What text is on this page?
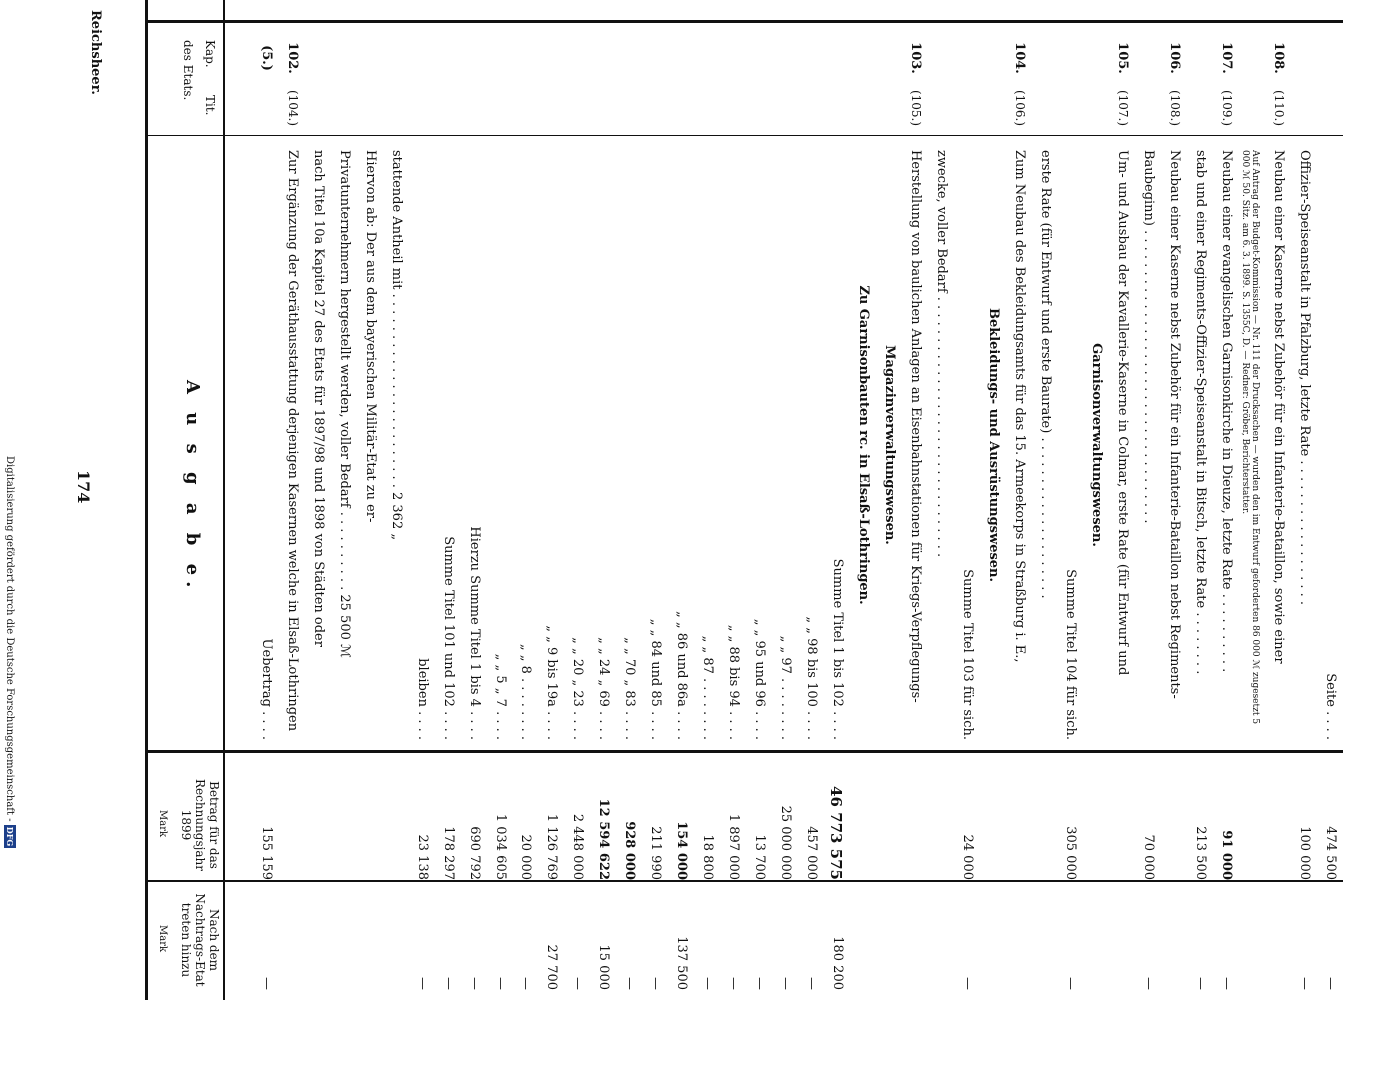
Digitalisierung gefördert durch die Deutsche Forschungsgemeinschaft - DFG
Reichsheer.
174
(5.)
Uebertrag . . . .
155 159
—
102.
(104.)
Zur Ergänzung der Geräthausstattung derjenigen Kasernen welche in Elsaß-Lothringen nach Titel 10a Kapitel 27 des Etats für 1897/98 und 1898 von Städten oder Privatunternehmern hergestellt werden, voller Bedarf . . . . . . . . . . 25 500 ℳ Hiervon ab: Der aus dem bayerischen Militär-Etat zu er- stattende Antheil mit . . . . . . . . . . . . . . . . . . . . . . . . 2 362 „
bleiben . . . .
23 138
—
Summe Titel 101 und 102 . . . .
178 297
—
Hierzu Summe Titel 1 bis 4 . . . .
690 792
—
„ „ 5 „ 7 . . . .
1 034 605
—
„ „ 8 . . . . . . . .
20 000
—
„ „ 9 bis 19a . . . .
1 126 769
27 700
„ „ 20 „ 23 . . . .
2 448 000
—
„ „ 24 „ 69 . . . .
12 594 622
15 000
„ „ 70 „ 83 . . . .
928 000
—
„ „ 84 und 85 . . . .
211 990
—
„ „ 86 und 86a . . . .
154 000
137 500
„ „ 87 . . . . . . . .
18 800
—
„ „ 88 bis 94 . . . .
1 897 000
—
„ „ 95 und 96 . . . .
13 700
—
„ „ 97 . . . . . . . .
25 000 000
—
„ „ 98 bis 100 . . . .
457 000
—
Summe Titel 1 bis 102 . . . .
46 773 575
180 200
Zu Garnisonbauten rc. in Elsaß-Lothringen. Magazinverwaltungswesen.
103.
(105.)
Herstellung von baulichen Anlagen an Eisenbahnstationen für Kriegs-Verpflegungs- zwecke, voller Bedarf . . . . . . . . . . . . . . . . . . . . . . . . . . . . . . . .
Summe Titel 103 für sich.
24 000
—
Bekleidungs- und Ausrüstungswesen.
104.
(106.)
Zum Neubau des Bekleidungsamts für das 15. Armeekorps in Straßburg i. E., erste Rate (für Entwurf und erste Baurate) . . . . . . . . . . . . . . . . . . . .
Summe Titel 104 für sich.
305 000
—
Garnisonverwaltungswesen.
105.
(107.)
Um- und Ausbau der Kavallerie-Kaserne in Colmar, erste Rate (für Entwurf und Baubeginn) . . . . . . . . . . . . . . . . . . . . . . . . . . . . . . . . . . . .
70 000
—
106.
(108.)
Neubau einer Kaserne nebst Zubehör für ein Infanterie-Bataillon nebst Regiments- stab und einer Regiments-Offizier-Speiseanstalt in Bitsch, letzte Rate . . . . . . . .
213 500
—
107.
(109.)
Neubau einer evangelischen Garnisonkirche in Dieuze, letzte Rate . . . . . . . . . .
91 000
—
Auf Antrag der Budget-Kommission — Nr. 111 der Drucksachen — wurden den im Entwurf geforderten 86 000 ℳ zugesetzt 5 000 ℳ 50. Sitz. am 6. 3. 1899. S. 1355C, D. — Redner: Gröber, Berichterstatter.
108.
(110.)
Neubau einer Kaserne nebst Zubehör für ein Infanterie-Bataillon, sowie einer Offizier-Speiseanstalt in Pfalzburg, letzte Rate . . . . . . . . . . . . . . . . . .
100 000
—
Seite . . . .
474 500
—
Kap.
Tit.
des Etats.
A u s g a b e.
Betrag für das Rechnungsjahr 1899
Mark
Nach dem Nachtrags-Etat treten hinzu
Mark
